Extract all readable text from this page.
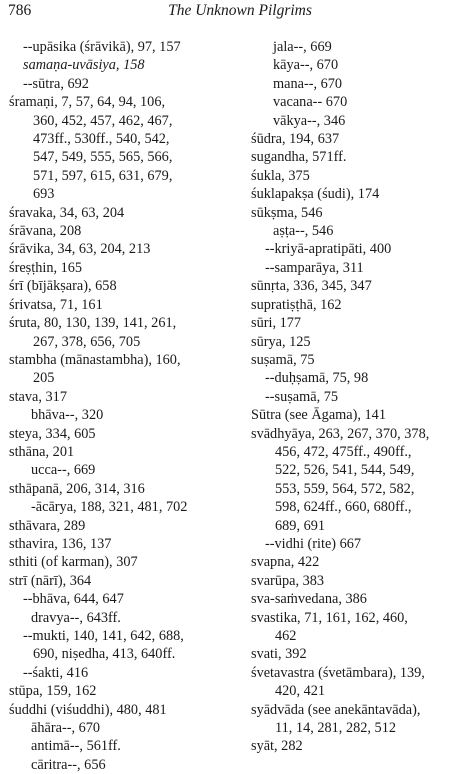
786	The Unknown Pilgrims
--upāsika (śrāvikā), 97, 157
samaṇa-uvāsiya, 158
--sūtra, 692
śramaṇi, 7, 57, 64, 94, 106,
360, 452, 457, 462, 467,
473ff., 530ff., 540, 542,
547, 549, 555, 565, 566,
571, 597, 615, 631, 679,
693
śravaka, 34, 63, 204
śrāvana, 208
śrāvika, 34, 63, 204, 213
śreṣṭhin, 165
śrī (bījākṣara), 658
śrivatsa, 71, 161
śruta, 80, 130, 139, 141, 261,
267, 378, 656, 705
stambha (mānastambha), 160,
205
stava, 317
bhāva--, 320
steya, 334, 605
sthāna, 201
ucca--, 669
sthāpanā, 206, 314, 316
-ācārya, 188, 321, 481, 702
sthāvara, 289
sthavira, 136, 137
sthiti (of karman), 307
strī (nārī), 364
--bhāva, 644, 647
dravya--, 643ff.
--mukti, 140, 141, 642, 688,
690, niṣedha, 413, 640ff.
--śakti, 416
stūpa, 159, 162
śuddhi (viśuddhi), 480, 481
āhāra--, 670
antimā--, 561ff.
cāritra--, 656
jala--, 669
kāya--, 670
mana--, 670
vacana-- 670
vākya--, 346
śūdra, 194, 637
sugandha, 571ff.
śukla, 375
śuklapakṣa (śudi), 174
sūkṣma, 546
aṣṭa--, 546
--kriyā-apratipāti, 400
--samparāya, 311
sūnṛta, 336, 345, 347
supratiṣṭhā, 162
sūri, 177
sūrya, 125
suṣamā, 75
--duḥṣamā, 75, 98
--suṣamā, 75
Sūtra (see Āgama), 141
svādhyāya, 263, 267, 370, 378,
456, 472, 475ff., 490ff.,
522, 526, 541, 544, 549,
553, 559, 564, 572, 582,
598, 624ff., 660, 680ff.,
689, 691
--vidhi (rite) 667
svapna, 422
svarūpa, 383
sva-saṁvedana, 386
svastika, 71, 161, 162, 460,
462
svati, 392
śvetavastra (śvetāmbara), 139,
420, 421
syādvāda (see anekāntavāda),
11, 14, 281, 282, 512
syāt, 282
